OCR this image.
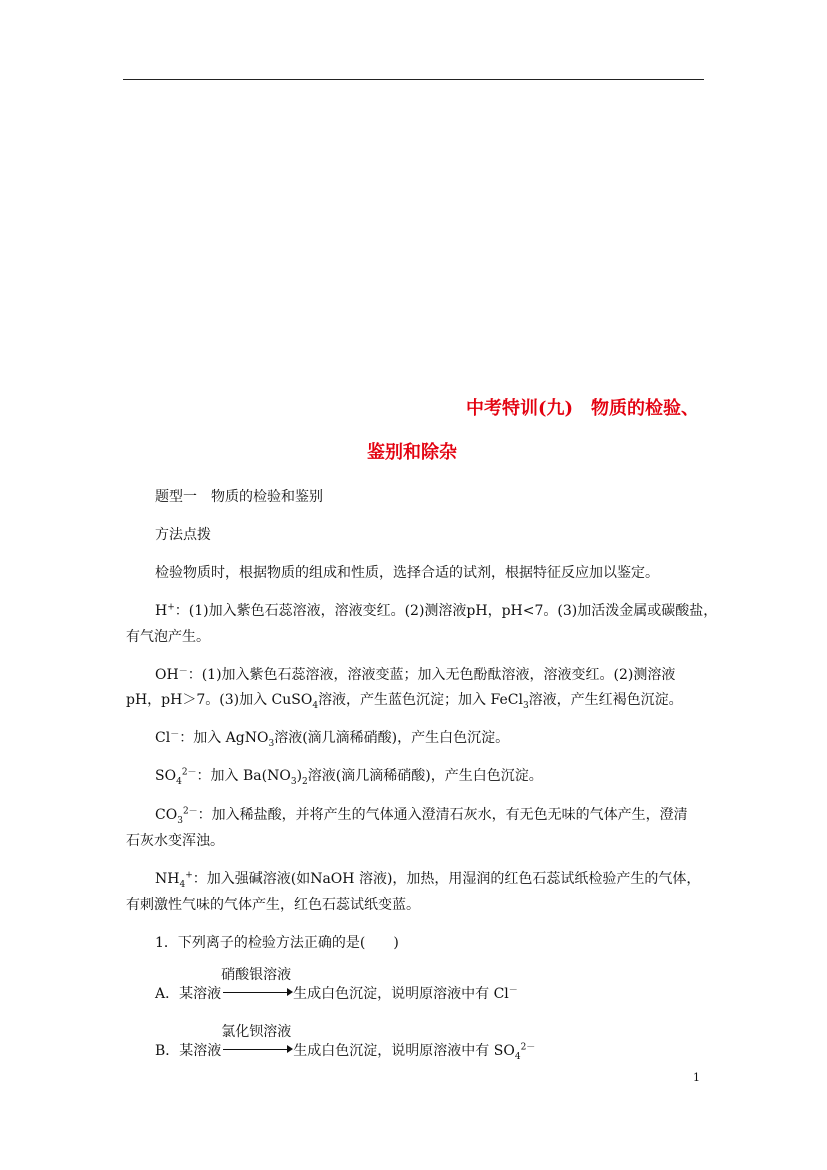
中考特训(九)　物质的检验、
鉴别和除杂
题型一　物质的检验和鉴别
方法点拨
检验物质时，根据物质的组成和性质，选择合适的试剂，根据特征反应加以鉴定。
H+：(1)加入紫色石蕊溶液，溶液变红。(2)测溶液pH，pH<7。(3)加活泼金属或碳酸盐，
有气泡产生。
OH－：(1)加入紫色石蕊溶液，溶液变蓝；加入无色酚酞溶液，溶液变红。(2)测溶液
pH，pH＞7。(3)加入 CuSO$_4$溶液，产生蓝色沉淀；加入 FeCl$_3$溶液，产生红褐色沉淀。
Cl－：加入 AgNO$_3$溶液(滴几滴稀硝酸)，产生白色沉淀。
$SO_4^{2-}$：加入 $Ba(NO_3)_2$溶液(滴几滴稀硝酸)，产生白色沉淀。
$CO_3^{2-}$：加入稀盐酸，并将产生的气体通入澄清石灰水，有无色无味的气体产生，澄清
石灰水变浑浊。
$NH_4^+$：加入强碱溶液(如NaOH 溶液)，加热，用湿润的红色石蕊试纸检验产生的气体，
有刺激性气味的气体产生，红色石蕊试纸变蓝。
1．下列离子的检验方法正确的是(　　)
A．某溶液
硝酸银溶液
生成白色沉淀，说明原溶液中有 Cl－
B．某溶液
氯化钡溶液
生成白色沉淀，说明原溶液中有 $SO_4^{2-}$
1
